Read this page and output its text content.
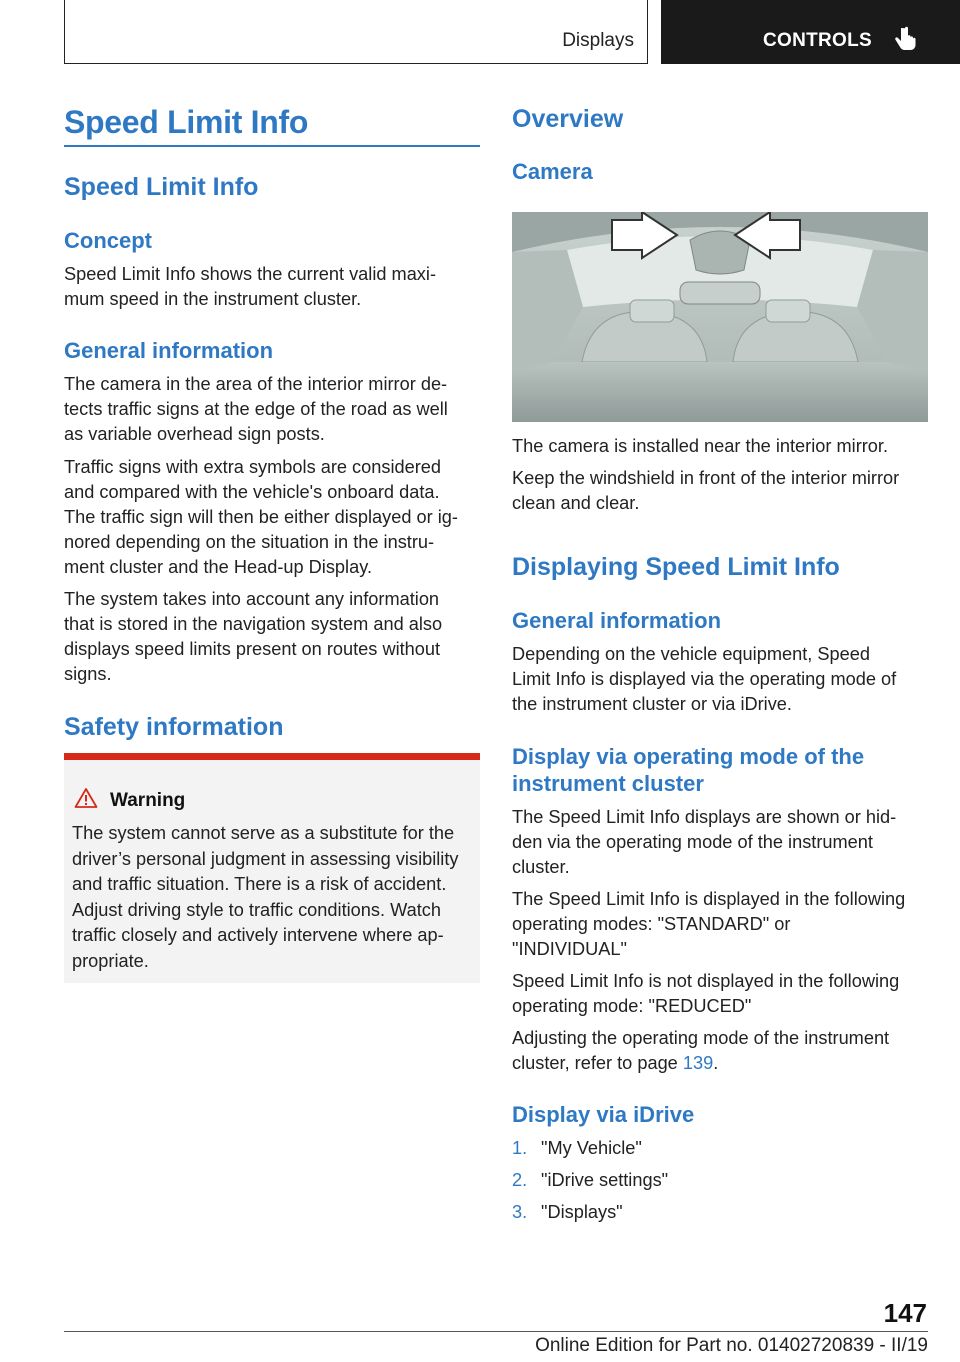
Displays	CONTROLS
Speed Limit Info
Speed Limit Info
Concept

Speed Limit Info shows the current valid maxi-
mum speed in the instrument cluster.

General information

The camera in the area of the interior mirror de-
tects traffic signs at the edge of the road as well
as variable overhead sign posts.

Traffic signs with extra symbols are considered
and compared with the vehicle's onboard data.
The traffic sign will then be either displayed or ig-
nored depending on the situation in the instru-
ment cluster and the Head-up Display.

The system takes into account any information
that is stored in the navigation system and also
displays speed limits present on routes without
signs.

Safety information
Warning
The system cannot serve as a substitute for the
driver’s personal judgment in assessing visibility
and traffic situation. There is a risk of accident.
Adjust driving style to traffic conditions. Watch
traffic closely and actively intervene where ap-
propriate.
Overview
Camera

The camera is installed near the interior mirror.

Keep the windshield in front of the interior mirror
clean and clear.

Displaying Speed Limit Info
General information

Depending on the vehicle equipment, Speed
Limit Info is displayed via the operating mode of
the instrument cluster or via iDrive.

Display via operating mode of the
instrument cluster

The Speed Limit Info displays are shown or hid-
den via the operating mode of the instrument
cluster.

The Speed Limit Info is displayed in the following
operating modes: "STANDARD" or
"INDIVIDUAL"

Speed Limit Info is not displayed in the following
operating mode: "REDUCED"

Adjusting the operating mode of the instrument
cluster, refer to page 139.

Display via iDrive
1. "My Vehicle"
2. "iDrive settings"
3. "Displays"
147
Online Edition for Part no. 01402720839 - II/19
